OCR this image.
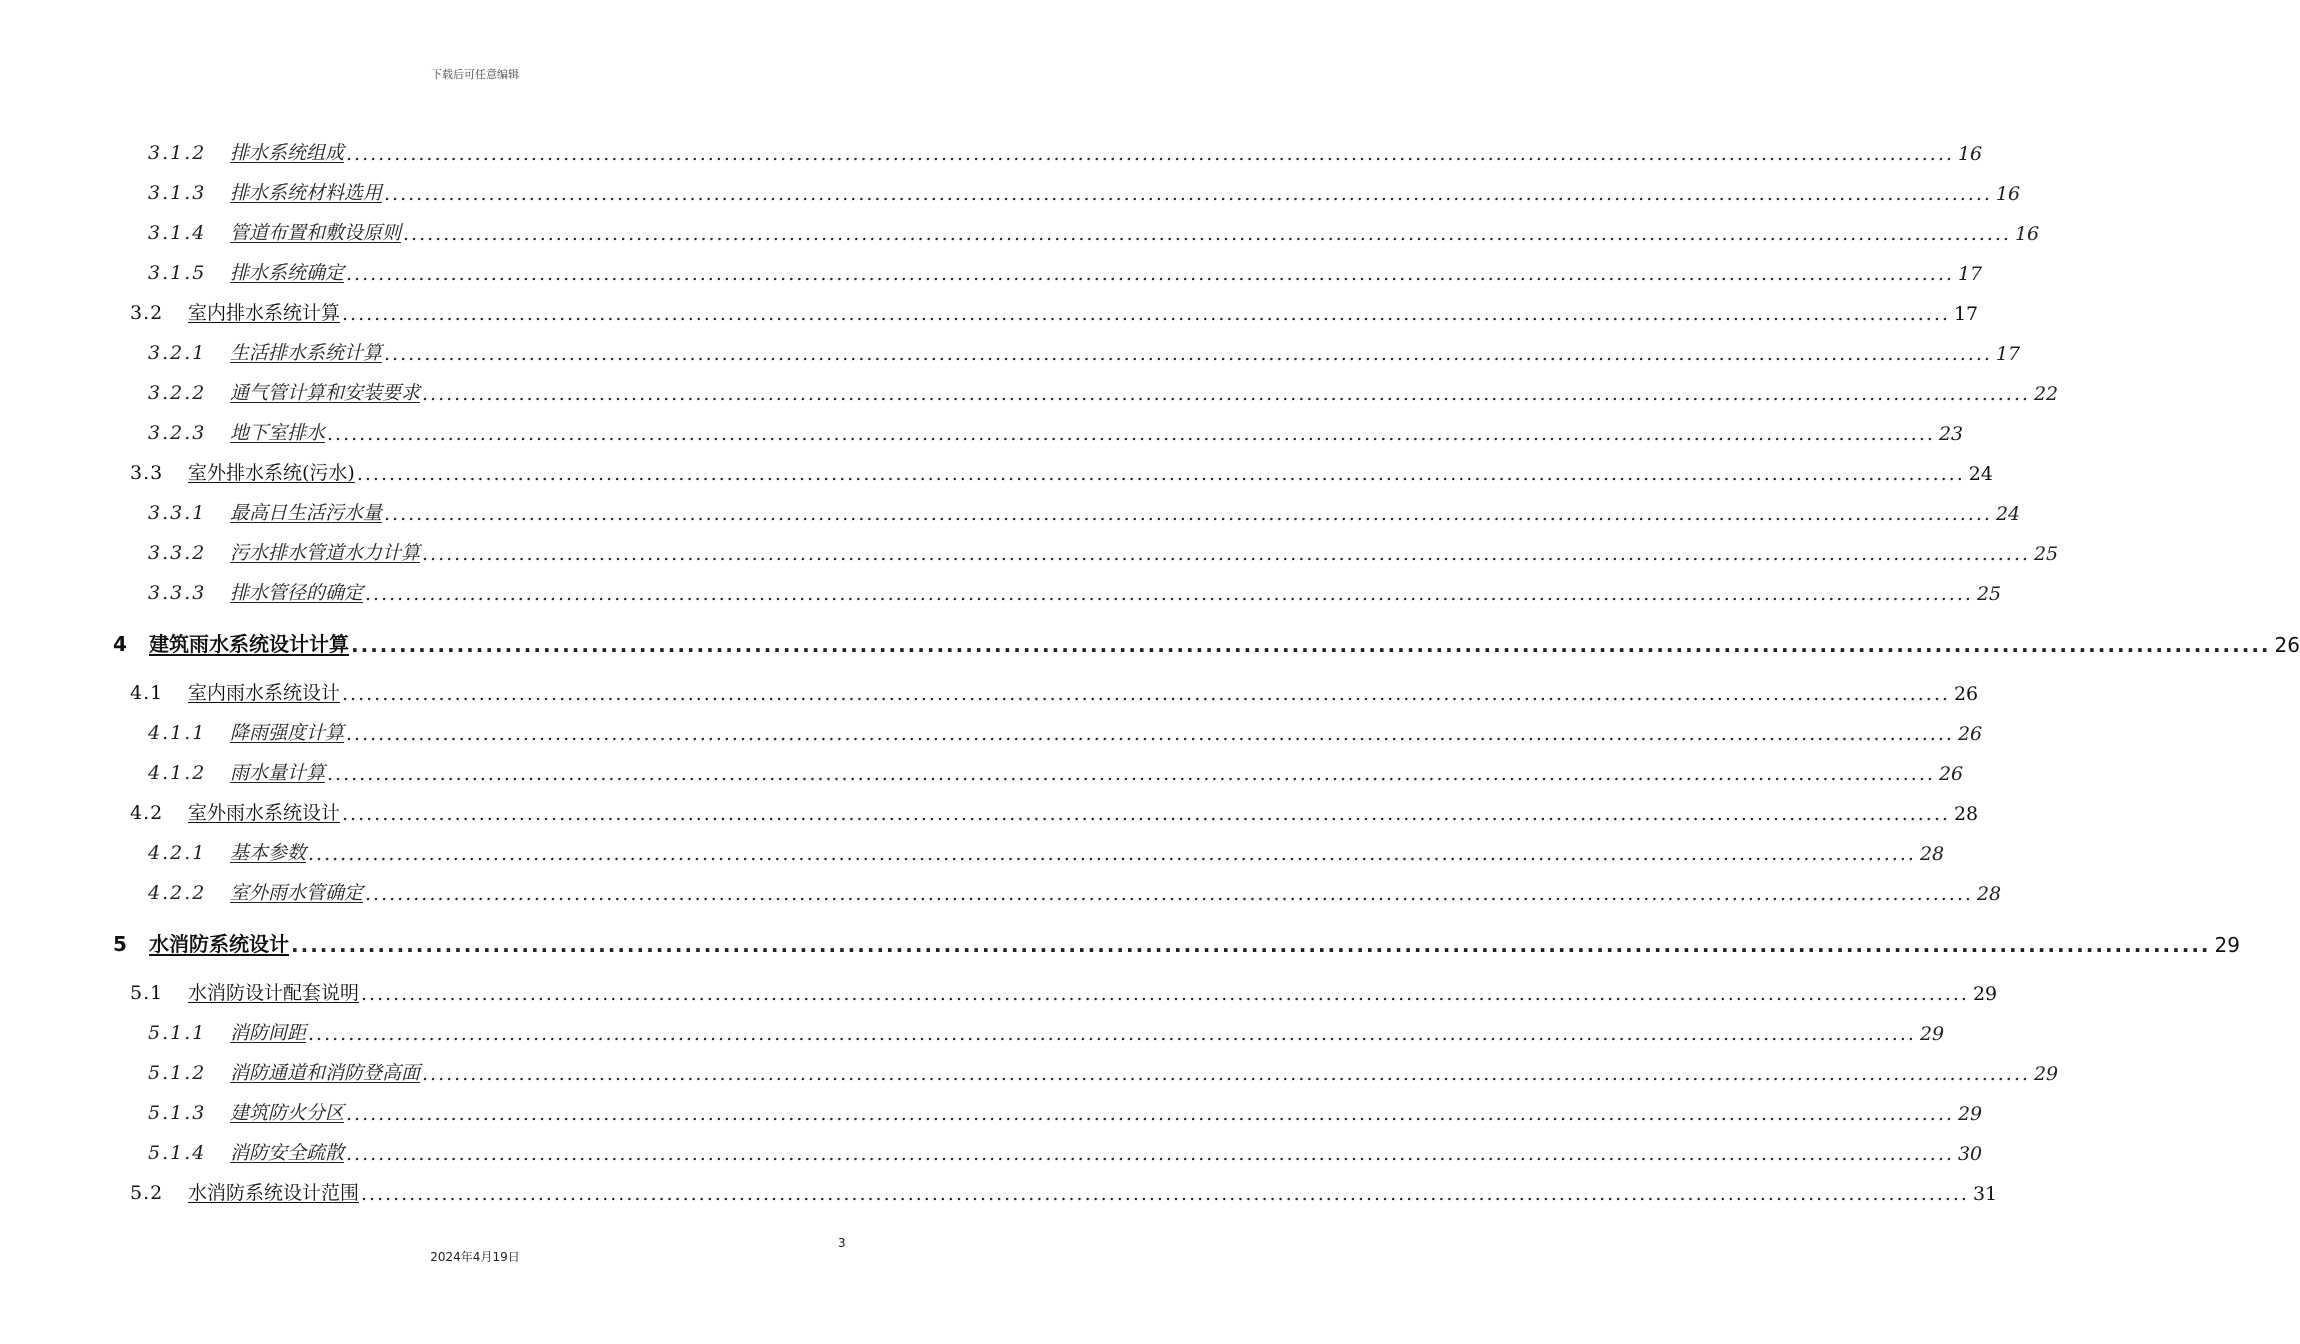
下载后可任意编辑
3.1.2 排水系统组成 ........................................................................................................................................................................................................ 16
3.1.3 排水系统材料选用 ........................................................................................................................................................................................................ 16
3.1.4 管道布置和敷设原则 ........................................................................................................................................................................................................ 16
3.1.5 排水系统确定 ........................................................................................................................................................................................................ 17
3.2 室内排水系统计算 ........................................................................................................................................................................................................ 17
3.2.1 生活排水系统计算 ........................................................................................................................................................................................................ 17
3.2.2 通气管计算和安装要求 ........................................................................................................................................................................................................ 22
3.2.3 地下室排水 ........................................................................................................................................................................................................ 23
3.3 室外排水系统(污水) ........................................................................................................................................................................................................ 24
3.3.1 最高日生活污水量 ........................................................................................................................................................................................................ 24
3.3.2 污水排水管道水力计算 ........................................................................................................................................................................................................ 25
3.3.3 排水管径的确定 ........................................................................................................................................................................................................ 25
4 建筑雨水系统设计计算 ........................................................................................................................................................................................................ 26
4.1 室内雨水系统设计 ........................................................................................................................................................................................................ 26
4.1.1 降雨强度计算 ........................................................................................................................................................................................................ 26
4.1.2 雨水量计算 ........................................................................................................................................................................................................ 26
4.2 室外雨水系统设计 ........................................................................................................................................................................................................ 28
4.2.1 基本参数 ........................................................................................................................................................................................................ 28
4.2.2 室外雨水管确定 ........................................................................................................................................................................................................ 28
5 水消防系统设计 ........................................................................................................................................................................................................ 29
5.1 水消防设计配套说明 ........................................................................................................................................................................................................ 29
5.1.1 消防间距 ........................................................................................................................................................................................................ 29
5.1.2 消防通道和消防登高面 ........................................................................................................................................................................................................ 29
5.1.3 建筑防火分区 ........................................................................................................................................................................................................ 29
5.1.4 消防安全疏散 ........................................................................................................................................................................................................ 30
5.2 水消防系统设计范围 ........................................................................................................................................................................................................ 31
3
2024年4月19日
